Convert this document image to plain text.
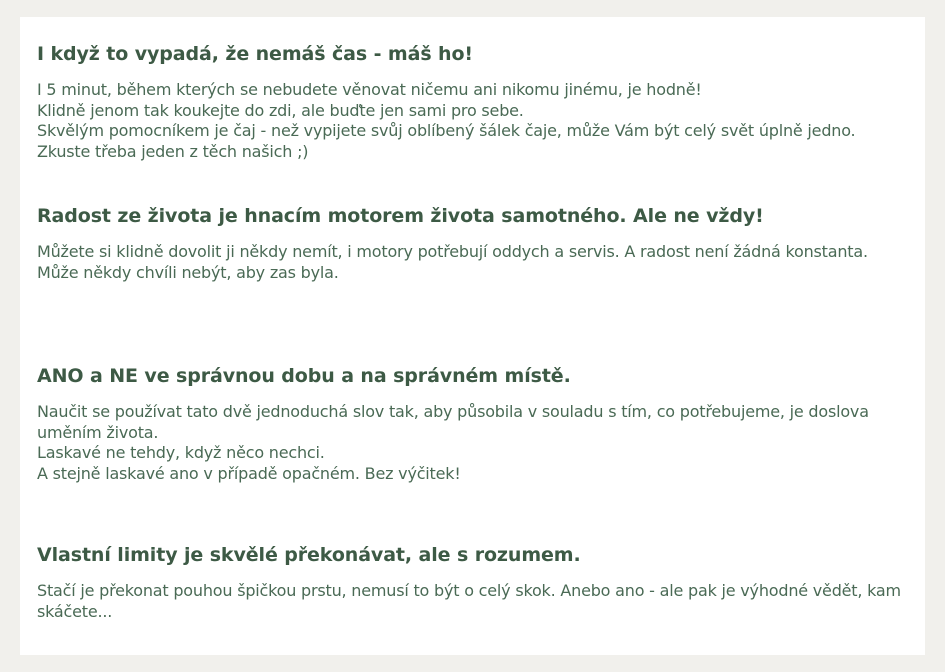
I když to vypadá, že nemáš čas - máš ho!
I 5 minut, během kterých se nebudete věnovat ničemu ani nikomu jinému, je hodně!
Klidně jenom tak koukejte do zdi, ale buďte jen sami pro sebe.
Skvělým pomocníkem je čaj - než vypijete svůj oblíbený šálek čaje, může Vám být celý svět úplně jedno. Zkuste třeba jeden z těch našich ;)
Radost ze života je hnacím motorem života samotného. Ale ne vždy!
Můžete si klidně dovolit ji někdy nemít, i motory potřebují oddych a servis. A radost není žádná konstanta.
Může někdy chvíli nebýt, aby zas byla.
ANO a NE ve správnou dobu a na správném místě.
Naučit se používat tato dvě jednoduchá slov tak, aby působila v souladu s tím, co potřebujeme, je doslova uměním života.
Laskavé ne tehdy, když něco nechci.
A stejně laskavé ano v případě opačném. Bez výčitek!
Vlastní limity je skvělé překonávat, ale s rozumem.
Stačí je překonat pouhou špičkou prstu, nemusí to být o celý skok. Anebo ano - ale pak je výhodné vědět, kam skáčete...
